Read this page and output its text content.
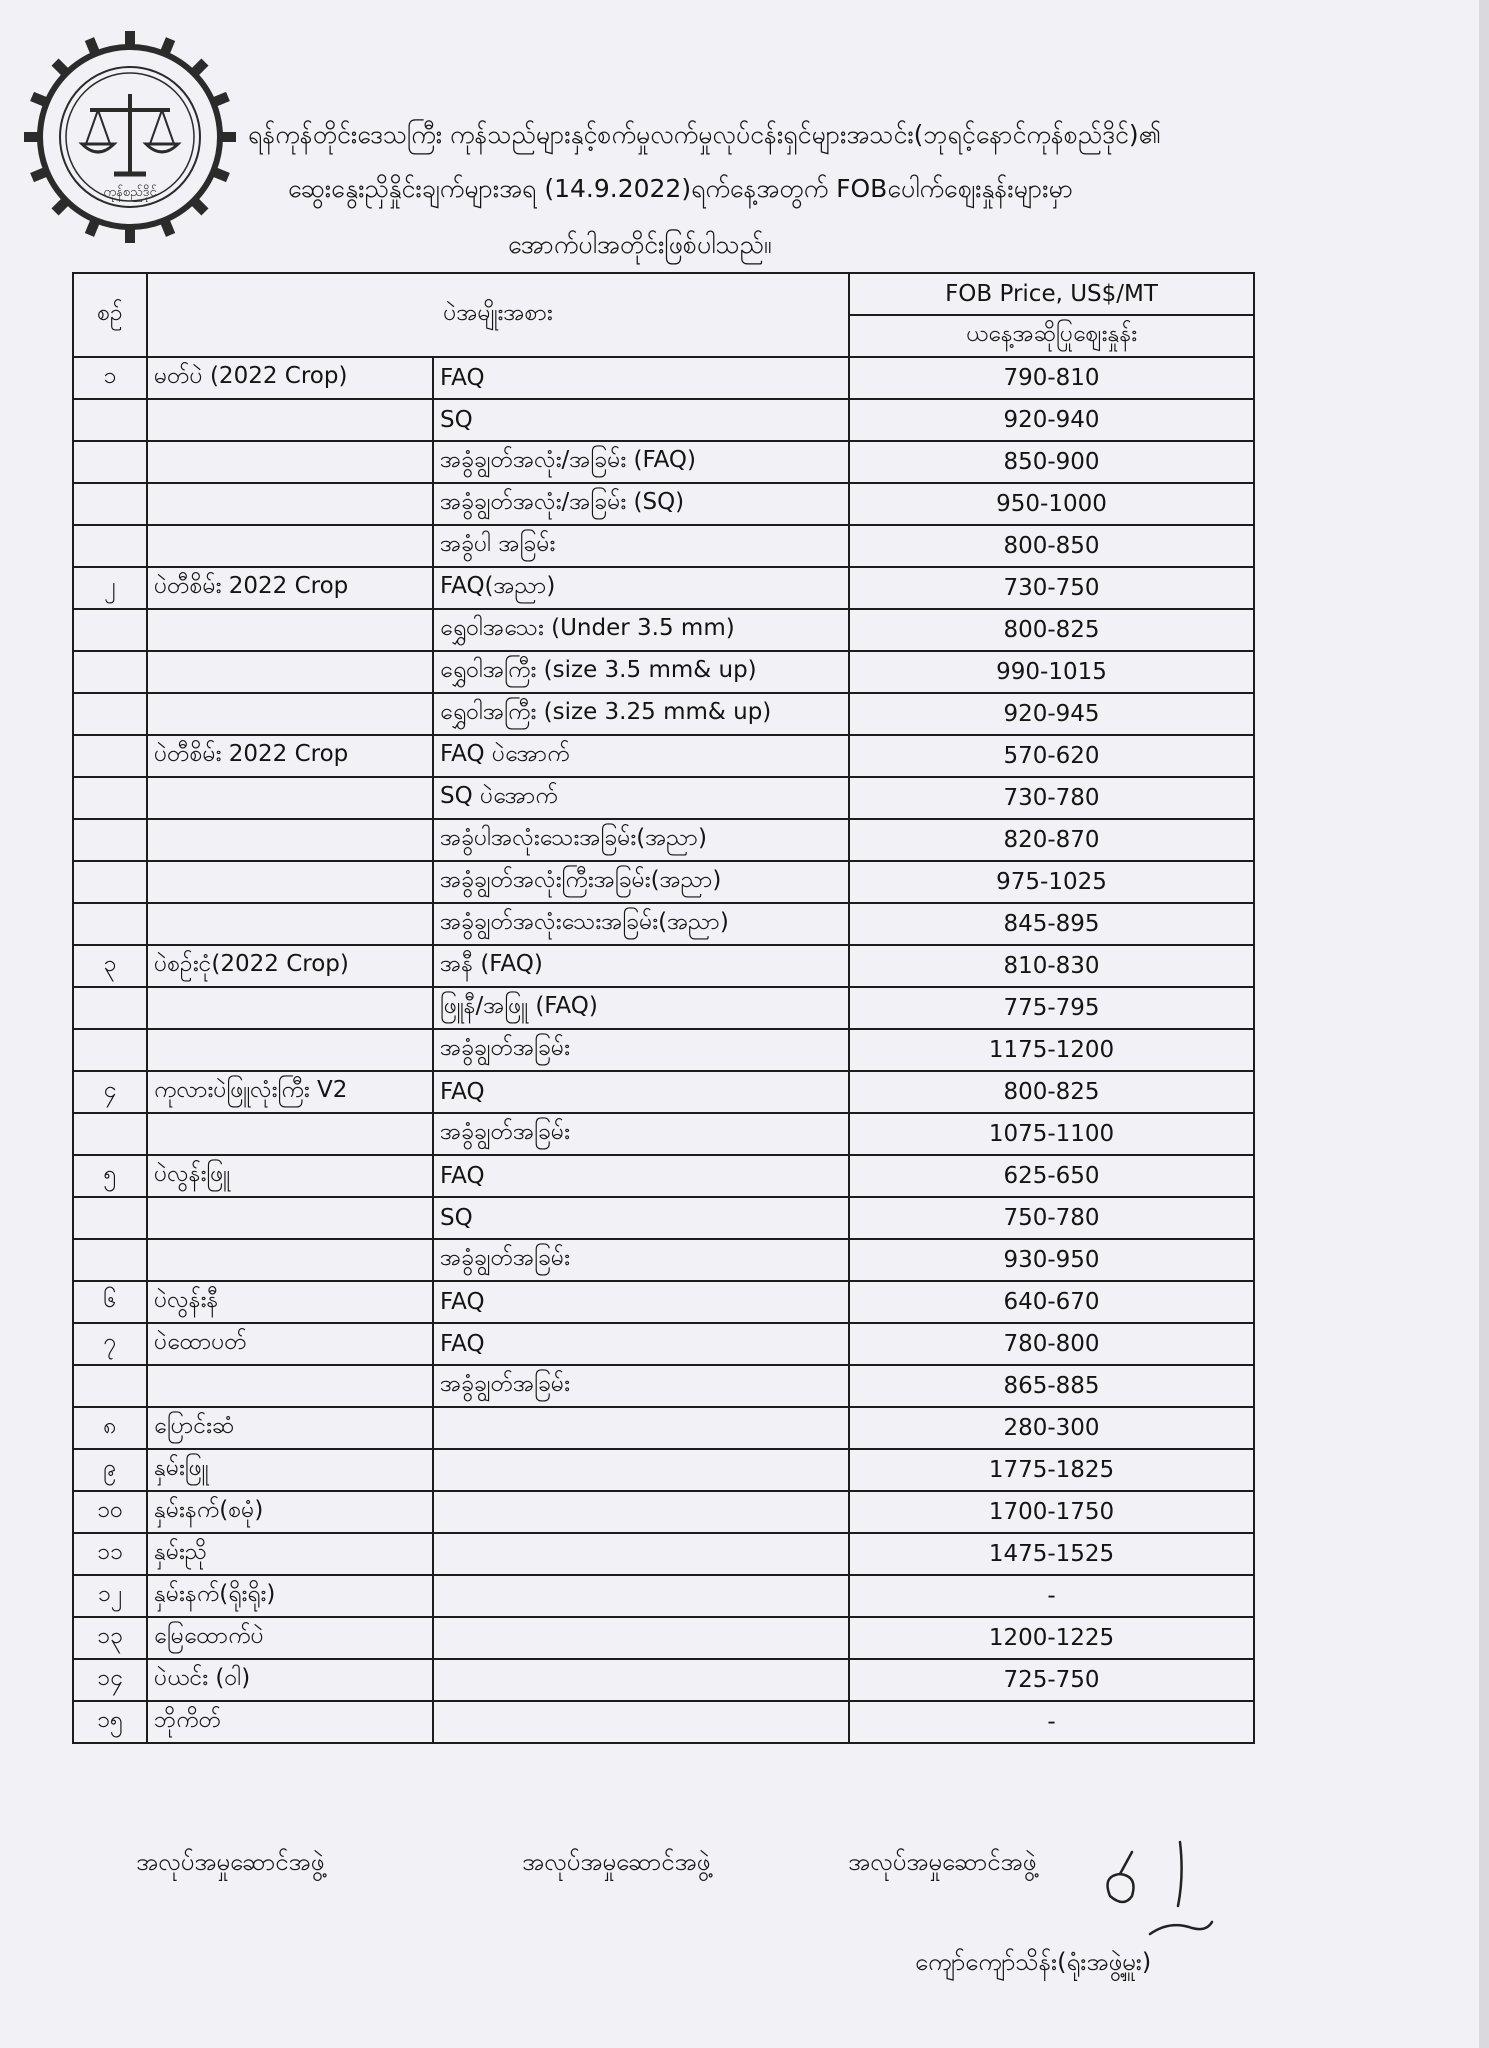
ကုန်စည်ဒိုင်
ရန်ကုန်တိုင်းဒေသကြီး ကုန်သည်များနှင့်စက်မှုလက်မှုလုပ်ငန်းရှင်များအသင်း(ဘုရင့်နောင်ကုန်စည်ဒိုင်)၏
ဆွေးနွေးညှိနှိုင်းချက်များအရ (14.9.2022)ရက်နေ့အတွက် FOBပေါက်ဈေးနှုန်းများမှာ
အောက်ပါအတိုင်းဖြစ်ပါသည်။
စဉ်	ပဲအမျိုးအစား		FOB Price, US$/MT
			ယနေ့အဆိုပြုဈေးနှုန်း
၁	မတ်ပဲ (2022 Crop)	FAQ	790-810
		SQ	920-940
		အခွံချွတ်အလုံး/အခြမ်း (FAQ)	850-900
		အခွံချွတ်အလုံး/အခြမ်း (SQ)	950-1000
		အခွံပါ အခြမ်း	800-850
၂	ပဲတီစိမ်း 2022 Crop	FAQ(အညာ)	730-750
		ရွှေဝါအသေး (Under 3.5 mm)	800-825
		ရွှေဝါအကြီး (size 3.5 mm& up)	990-1015
		ရွှေဝါအကြီး (size 3.25 mm& up)	920-945
	ပဲတီစိမ်း 2022 Crop	FAQ ပဲအောက်	570-620
		SQ ပဲအောက်	730-780
		အခွံပါအလုံးသေးအခြမ်း(အညာ)	820-870
		အခွံချွတ်အလုံးကြီးအခြမ်း(အညာ)	975-1025
		အခွံချွတ်အလုံးသေးအခြမ်း(အညာ)	845-895
၃	ပဲစဉ်းငုံ(2022 Crop)	အနီ (FAQ)	810-830
		ဖြူနီ/အဖြူ (FAQ)	775-795
		အခွံချွတ်အခြမ်း	1175-1200
၄	ကုလားပဲဖြူလုံးကြီး V2	FAQ	800-825
		အခွံချွတ်အခြမ်း	1075-1100
၅	ပဲလွန်းဖြူ	FAQ	625-650
		SQ	750-780
		အခွံချွတ်အခြမ်း	930-950
၆	ပဲလွန်းနီ	FAQ	640-670
၇	ပဲထောပတ်	FAQ	780-800
		အခွံချွတ်အခြမ်း	865-885
၈	ပြောင်းဆံ		280-300
၉	နှမ်းဖြူ		1775-1825
၁၀	နှမ်းနက်(စမုံ)		1700-1750
၁၁	နှမ်းညို		1475-1525
၁၂	နှမ်းနက်(ရိုးရိုး)		-
၁၃	မြေထောက်ပဲ		1200-1225
၁၄	ပဲယင်း (ဝါ)		725-750
၁၅	ဘိုကိတ်		-
အလုပ်အမှုဆောင်အဖွဲ့	အလုပ်အမှုဆောင်အဖွဲ့	အလုပ်အမှုဆောင်အဖွဲ့
ကျော်ကျော်သိန်း(ရုံးအဖွဲ့မှူး)
